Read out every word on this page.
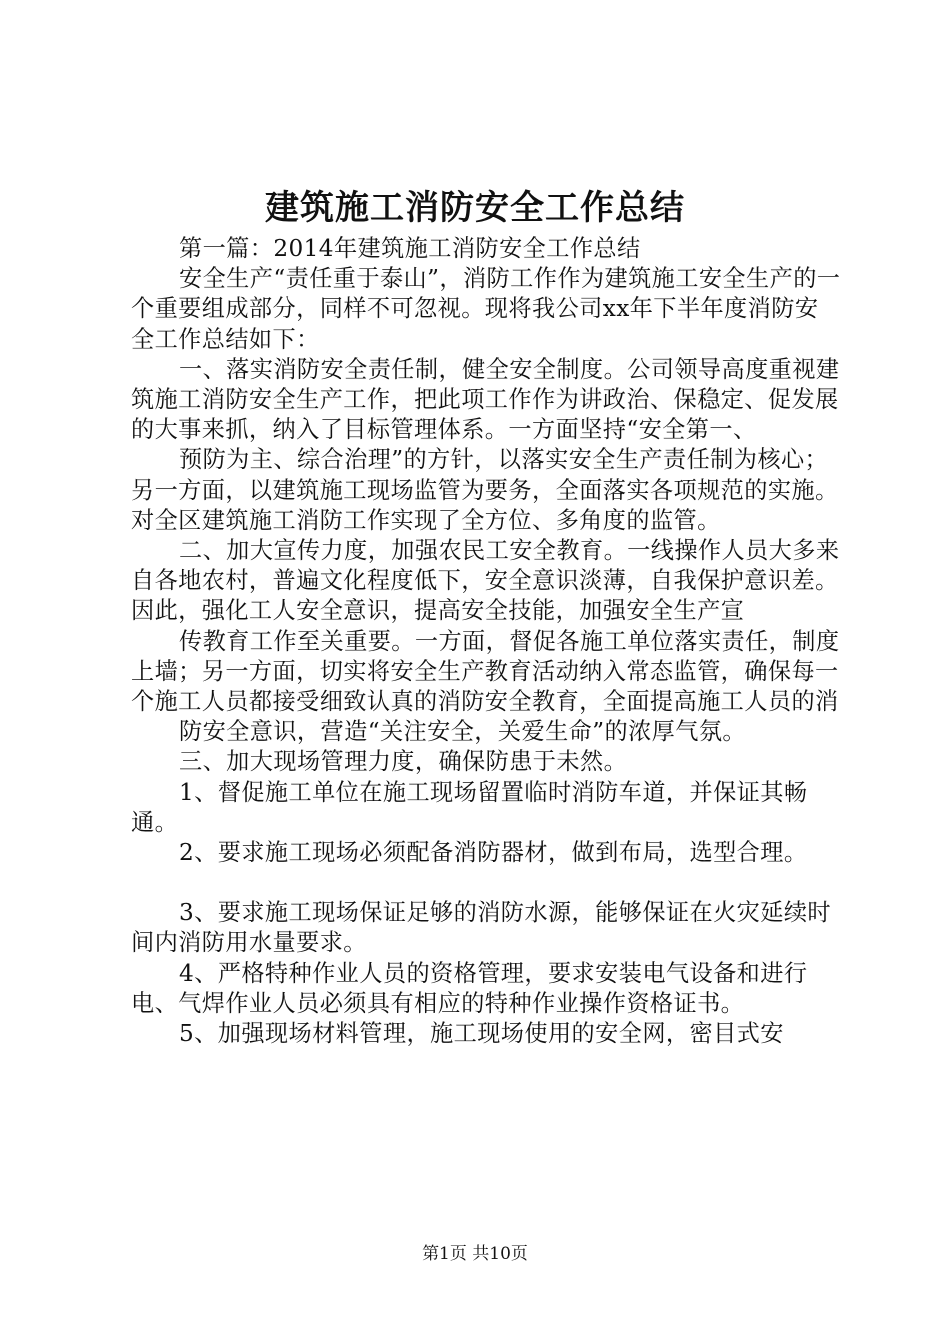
建筑施工消防安全工作总结

第一篇：2014年建筑施工消防安全工作总结

安全生产“责任重于泰山”，消防工作作为建筑施工安全生产的一个重要组成部分，同样不可忽视。现将我公司xx年下半年度消防安全工作总结如下：

一、落实消防安全责任制，健全安全制度。公司领导高度重视建筑施工消防安全生产工作，把此项工作作为讲政治、保稳定、促发展的大事来抓，纳入了目标管理体系。一方面坚持“安全第一、

预防为主、综合治理”的方针，以落实安全生产责任制为核心；另一方面，以建筑施工现场监管为要务，全面落实各项规范的实施。对全区建筑施工消防工作实现了全方位、多角度的监管。

二、加大宣传力度，加强农民工安全教育。一线操作人员大多来自各地农村，普遍文化程度低下，安全意识淡薄，自我保护意识差。因此，强化工人安全意识，提高安全技能，加强安全生产宣

传教育工作至关重要。一方面，督促各施工单位落实责任，制度上墙；另一方面，切实将安全生产教育活动纳入常态监管，确保每一个施工人员都接受细致认真的消防安全教育，全面提高施工人员的消

防安全意识，营造“关注安全，关爱生命”的浓厚气氛。

三、加大现场管理力度，确保防患于未然。

1、督促施工单位在施工现场留置临时消防车道，并保证其畅通。

2、要求施工现场必须配备消防器材，做到布局，选型合理。

3、要求施工现场保证足够的消防水源，能够保证在火灾延续时间内消防用水量要求。

4、严格特种作业人员的资格管理，要求安装电气设备和进行电、气焊作业人员必须具有相应的特种作业操作资格证书。

5、加强现场材料管理，施工现场使用的安全网，密目式安

第1页 共10页
